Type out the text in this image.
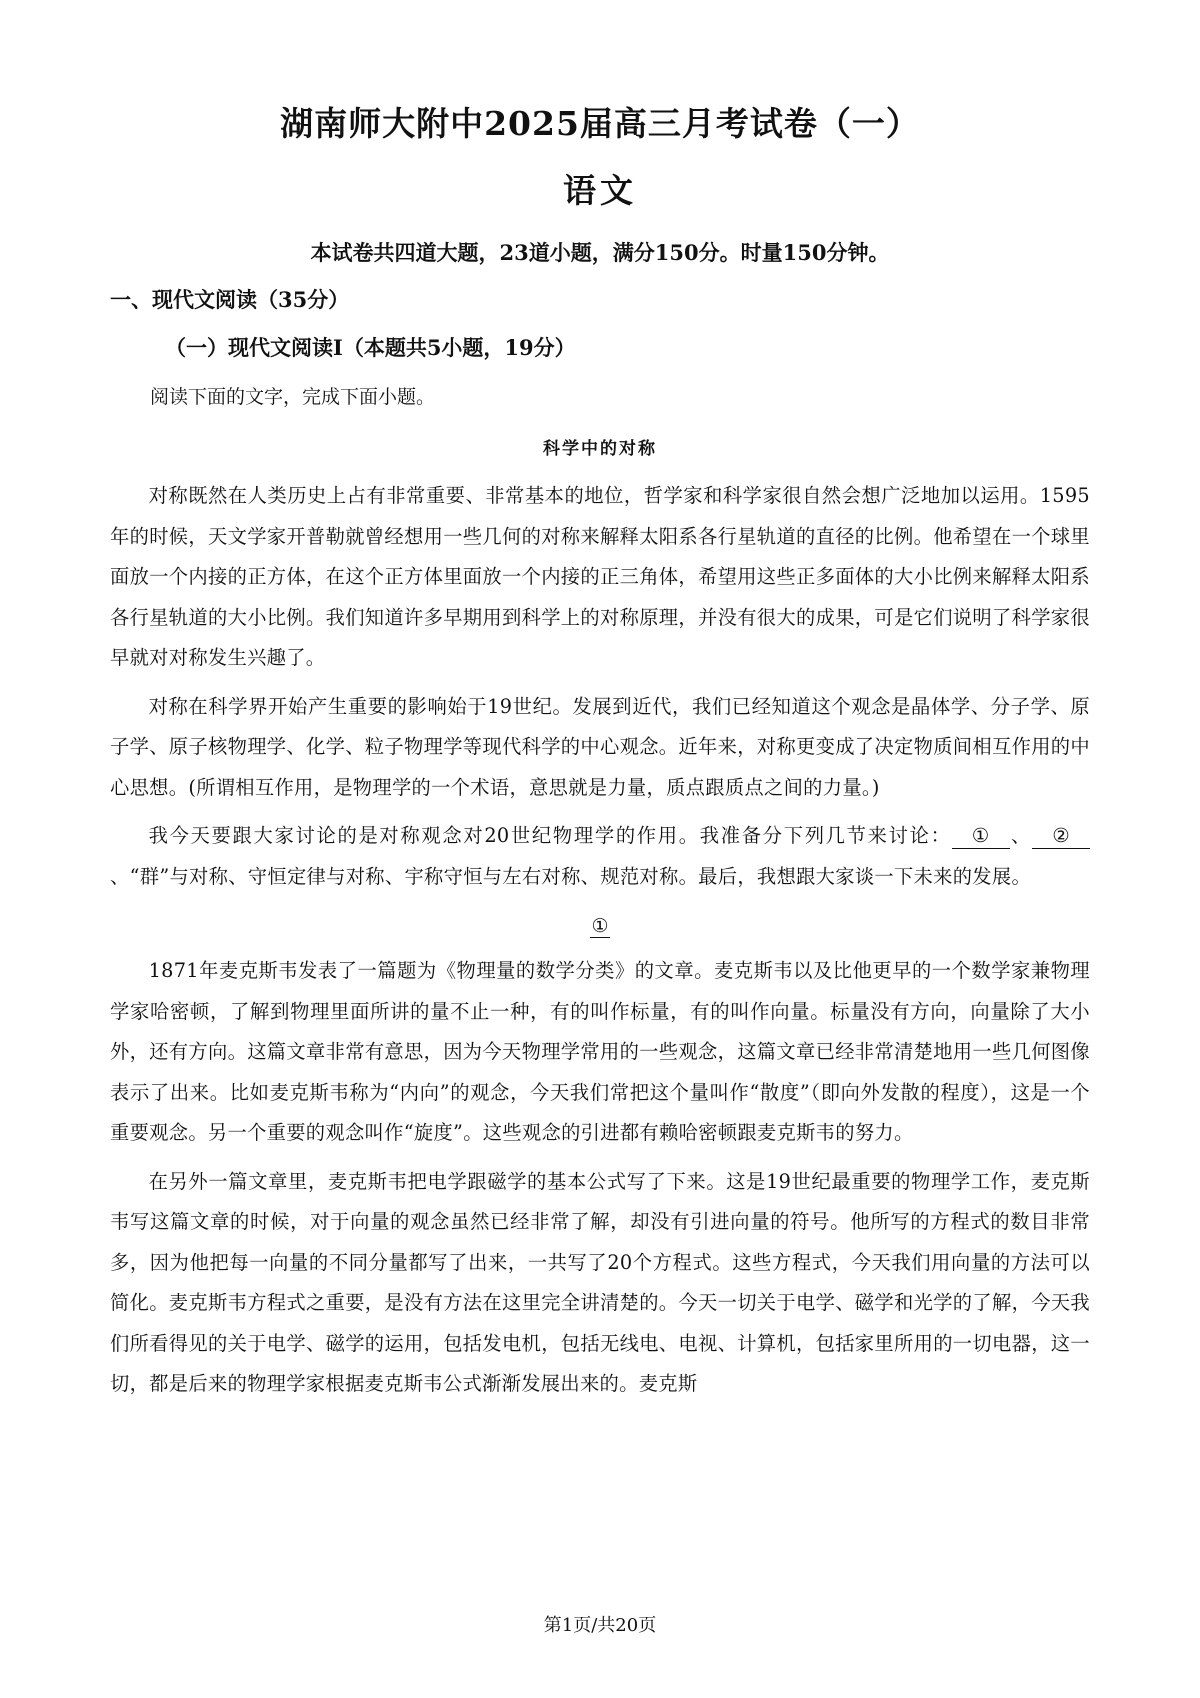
湖南师大附中2025届高三月考试卷（一）
语文
本试卷共四道大题，23道小题，满分150分。时量150分钟。
一、现代文阅读（35分）
（一）现代文阅读Ⅰ（本题共5小题，19分）
阅读下面的文字，完成下面小题。
科学中的对称

对称既然在人类历史上占有非常重要、非常基本的地位，哲学家和科学家很自然会想广泛地加以运用。1595年的时候，天文学家开普勒就曾经想用一些几何的对称来解释太阳系各行星轨道的直径的比例。他希望在一个球里面放一个内接的正方体，在这个正方体里面放一个内接的正三角体，希望用这些正多面体的大小比例来解释太阳系各行星轨道的大小比例。我们知道许多早期用到科学上的对称原理，并没有很大的成果，可是它们说明了科学家很早就对对称发生兴趣了。

对称在科学界开始产生重要的影响始于19世纪。发展到近代，我们已经知道这个观念是晶体学、分子学、原子学、原子核物理学、化学、粒子物理学等现代科学的中心观念。近年来，对称更变成了决定物质间相互作用的中心思想。(所谓相互作用，是物理学的一个术语，意思就是力量，质点跟质点之间的力量。)

我今天要跟大家讨论的是对称观念对20世纪物理学的作用。我准备分下列几节来讨论： ① 、 ②、“群”与对称、守恒定律与对称、宇称守恒与左右对称、规范对称。最后，我想跟大家谈一下未来的发展。

①

1871年麦克斯韦发表了一篇题为《物理量的数学分类》的文章。麦克斯韦以及比他更早的一个数学家兼物理学家哈密顿，了解到物理里面所讲的量不止一种，有的叫作标量，有的叫作向量。标量没有方向，向量除了大小外，还有方向。这篇文章非常有意思，因为今天物理学常用的一些观念，这篇文章已经非常清楚地用一些几何图像表示了出来。比如麦克斯韦称为“内向”的观念，今天我们常把这个量叫作“散度”（即向外发散的程度），这是一个重要观念。另一个重要的观念叫作“旋度”。这些观念的引进都有赖哈密顿跟麦克斯韦的努力。

在另外一篇文章里，麦克斯韦把电学跟磁学的基本公式写了下来。这是19世纪最重要的物理学工作，麦克斯韦写这篇文章的时候，对于向量的观念虽然已经非常了解，却没有引进向量的符号。他所写的方程式的数目非常多，因为他把每一向量的不同分量都写了出来，一共写了20个方程式。这些方程式，今天我们用向量的方法可以简化。麦克斯韦方程式之重要，是没有方法在这里完全讲清楚的。今天一切关于电学、磁学和光学的了解，今天我们所看得见的关于电学、磁学的运用，包括发电机，包括无线电、电视、计算机，包括家里所用的一切电器，这一切，都是后来的物理学家根据麦克斯韦公式渐渐发展出来的。麦克斯

第1页/共20页
